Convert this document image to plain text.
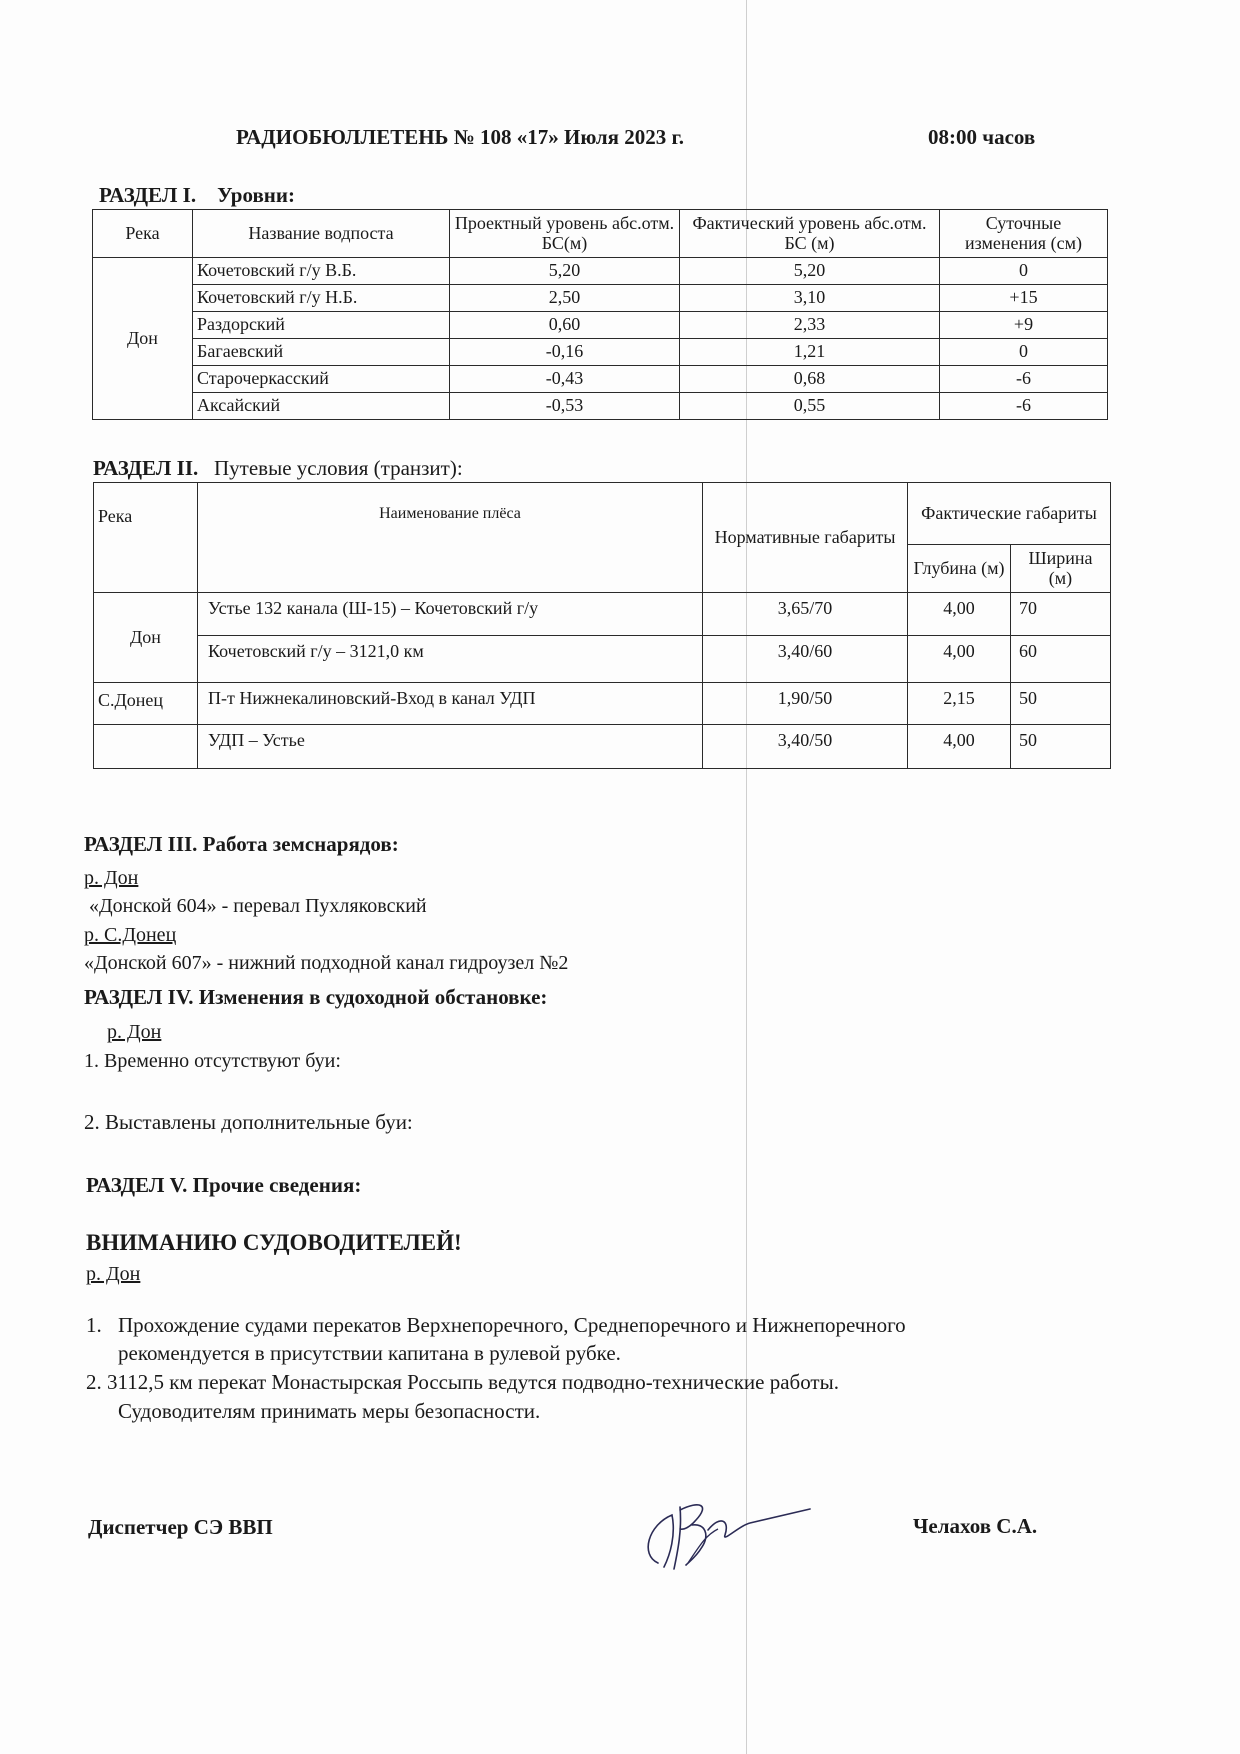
РАДИОБЮЛЛЕТЕНЬ № 108 «17» Июля 2023 г.	08:00 часов
РАЗДЕЛ I. Уровни:
Река	Название водпоста	Проектный уровень абс.отм. БС(м)	Фактический уровень абс.отм. БС (м)	Суточные изменения (см)
Дон	Кочетовский г/у В.Б.	5,20	5,20	0
	Кочетовский г/у Н.Б.	2,50	3,10	+15
	Раздорский	0,60	2,33	+9
	Багаевский	-0,16	1,21	0
	Старочеркасский	-0,43	0,68	-6
	Аксайский	-0,53	0,55	-6
РАЗДЕЛ II. Путевые условия (транзит):
Река	Наименование плёса	Нормативные габариты	Фактические габариты	
			Глубина (м)	Ширина (м)
Дон	Устье 132 канала (Ш-15) – Кочетовский г/у	3,65/70	4,00	70
	Кочетовский г/у – 3121,0 км	3,40/60	4,00	60
С.Донец	П-т Нижнекалиновский-Вход в канал УДП	1,90/50	2,15	50
	УДП – Устье	3,40/50	4,00	50
РАЗДЕЛ III. Работа земснарядов:
р. Дон
«Донской 604» - перевал Пухляковский
р. С.Донец
«Донской 607» - нижний подходной канал гидроузел №2
РАЗДЕЛ IV. Изменения в судоходной обстановке:
р. Дон
1. Временно отсутствуют буи:
2. Выставлены дополнительные буи:
РАЗДЕЛ V. Прочие сведения:
ВНИМАНИЮ СУДОВОДИТЕЛЕЙ!
р. Дон
1. Прохождение судами перекатов Верхнепоречного, Среднепоречного и Нижнепоречного
рекомендуется в присутствии капитана в рулевой рубке.
2. 3112,5 км перекат Монастырская Россыпь ведутся подводно-технические работы.
Судоводителям принимать меры безопасности.
Диспетчер СЭ ВВП	Челахов С.А.
